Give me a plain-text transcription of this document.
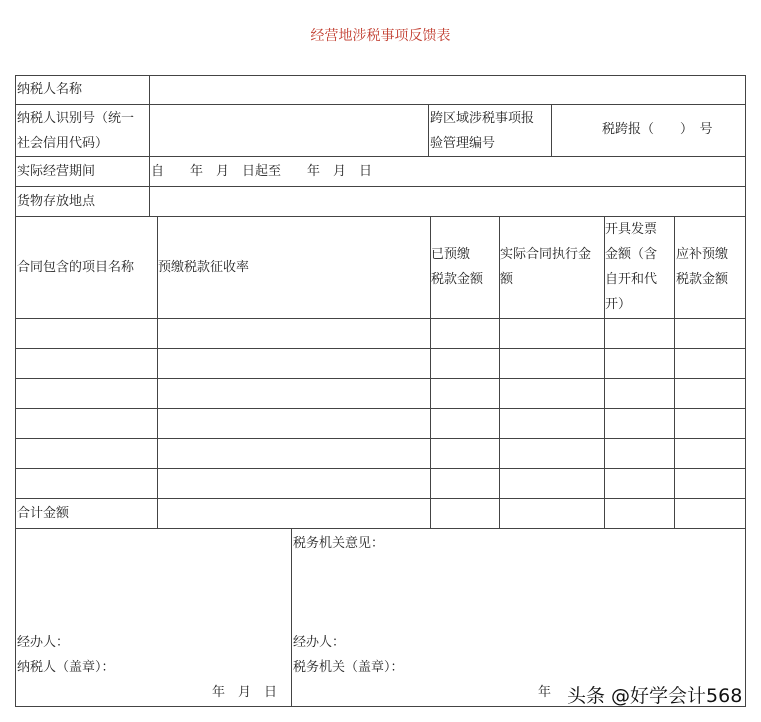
经营地涉税事项反馈表
纳税人名称
纳税人识别号（统一
社会信用代码）
跨区域涉税事项报
验管理编号
税跨报（　　）　号
实际经营期间	自　　年　月　日起至　　年　月　日
货物存放地点
合同包含的项目名称 预缴税款征收率
已预缴
税款金额
实际合同执行金
额
开具发票
金额（含
自开和代
开）
应补预缴
税款金额
合计金额
税务机关意见：
经办人：
纳税人（盖章）：
年　月　日
经办人：
税务机关（盖章）：
年 头条 @好学会计568
